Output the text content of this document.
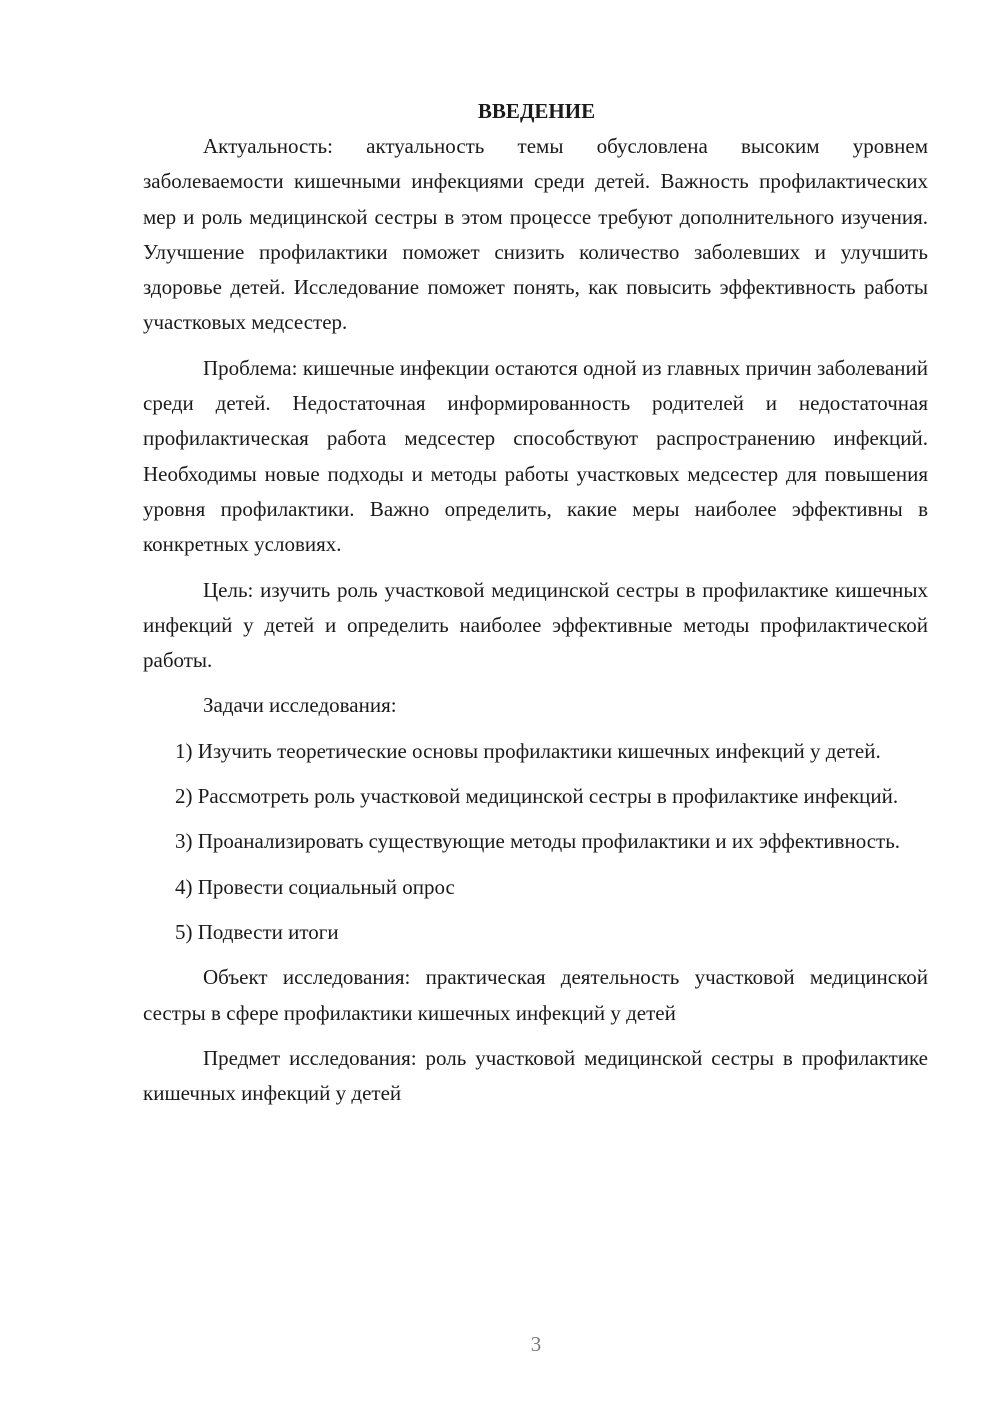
ВВЕДЕНИЕ

Актуальность: актуальность темы обусловлена высоким уровнем заболеваемости кишечными инфекциями среди детей. Важность профилактических мер и роль медицинской сестры в этом процессе требуют дополнительного изучения. Улучшение профилактики поможет снизить количество заболевших и улучшить здоровье детей. Исследование поможет понять, как повысить эффективность работы участковых медсестер.

Проблема: кишечные инфекции остаются одной из главных причин заболеваний среди детей. Недостаточная информированность родителей и недостаточная профилактическая работа медсестер способствуют распространению инфекций. Необходимы новые подходы и методы работы участковых медсестер для повышения уровня профилактики. Важно определить, какие меры наиболее эффективны в конкретных условиях.

Цель: изучить роль участковой медицинской сестры в профилактике кишечных инфекций у детей и определить наиболее эффективные методы профилактической работы.

Задачи исследования:

1) Изучить теоретические основы профилактики кишечных инфекций у детей.

2) Рассмотреть роль участковой медицинской сестры в профилактике инфекций.

3) Проанализировать существующие методы профилактики и их эффективность.

4) Провести социальный опрос

5) Подвести итоги

Объект исследования: практическая деятельность участковой медицинской сестры в сфере профилактики кишечных инфекций у детей

Предмет исследования: роль участковой медицинской сестры в профилактике кишечных инфекций у детей

3
